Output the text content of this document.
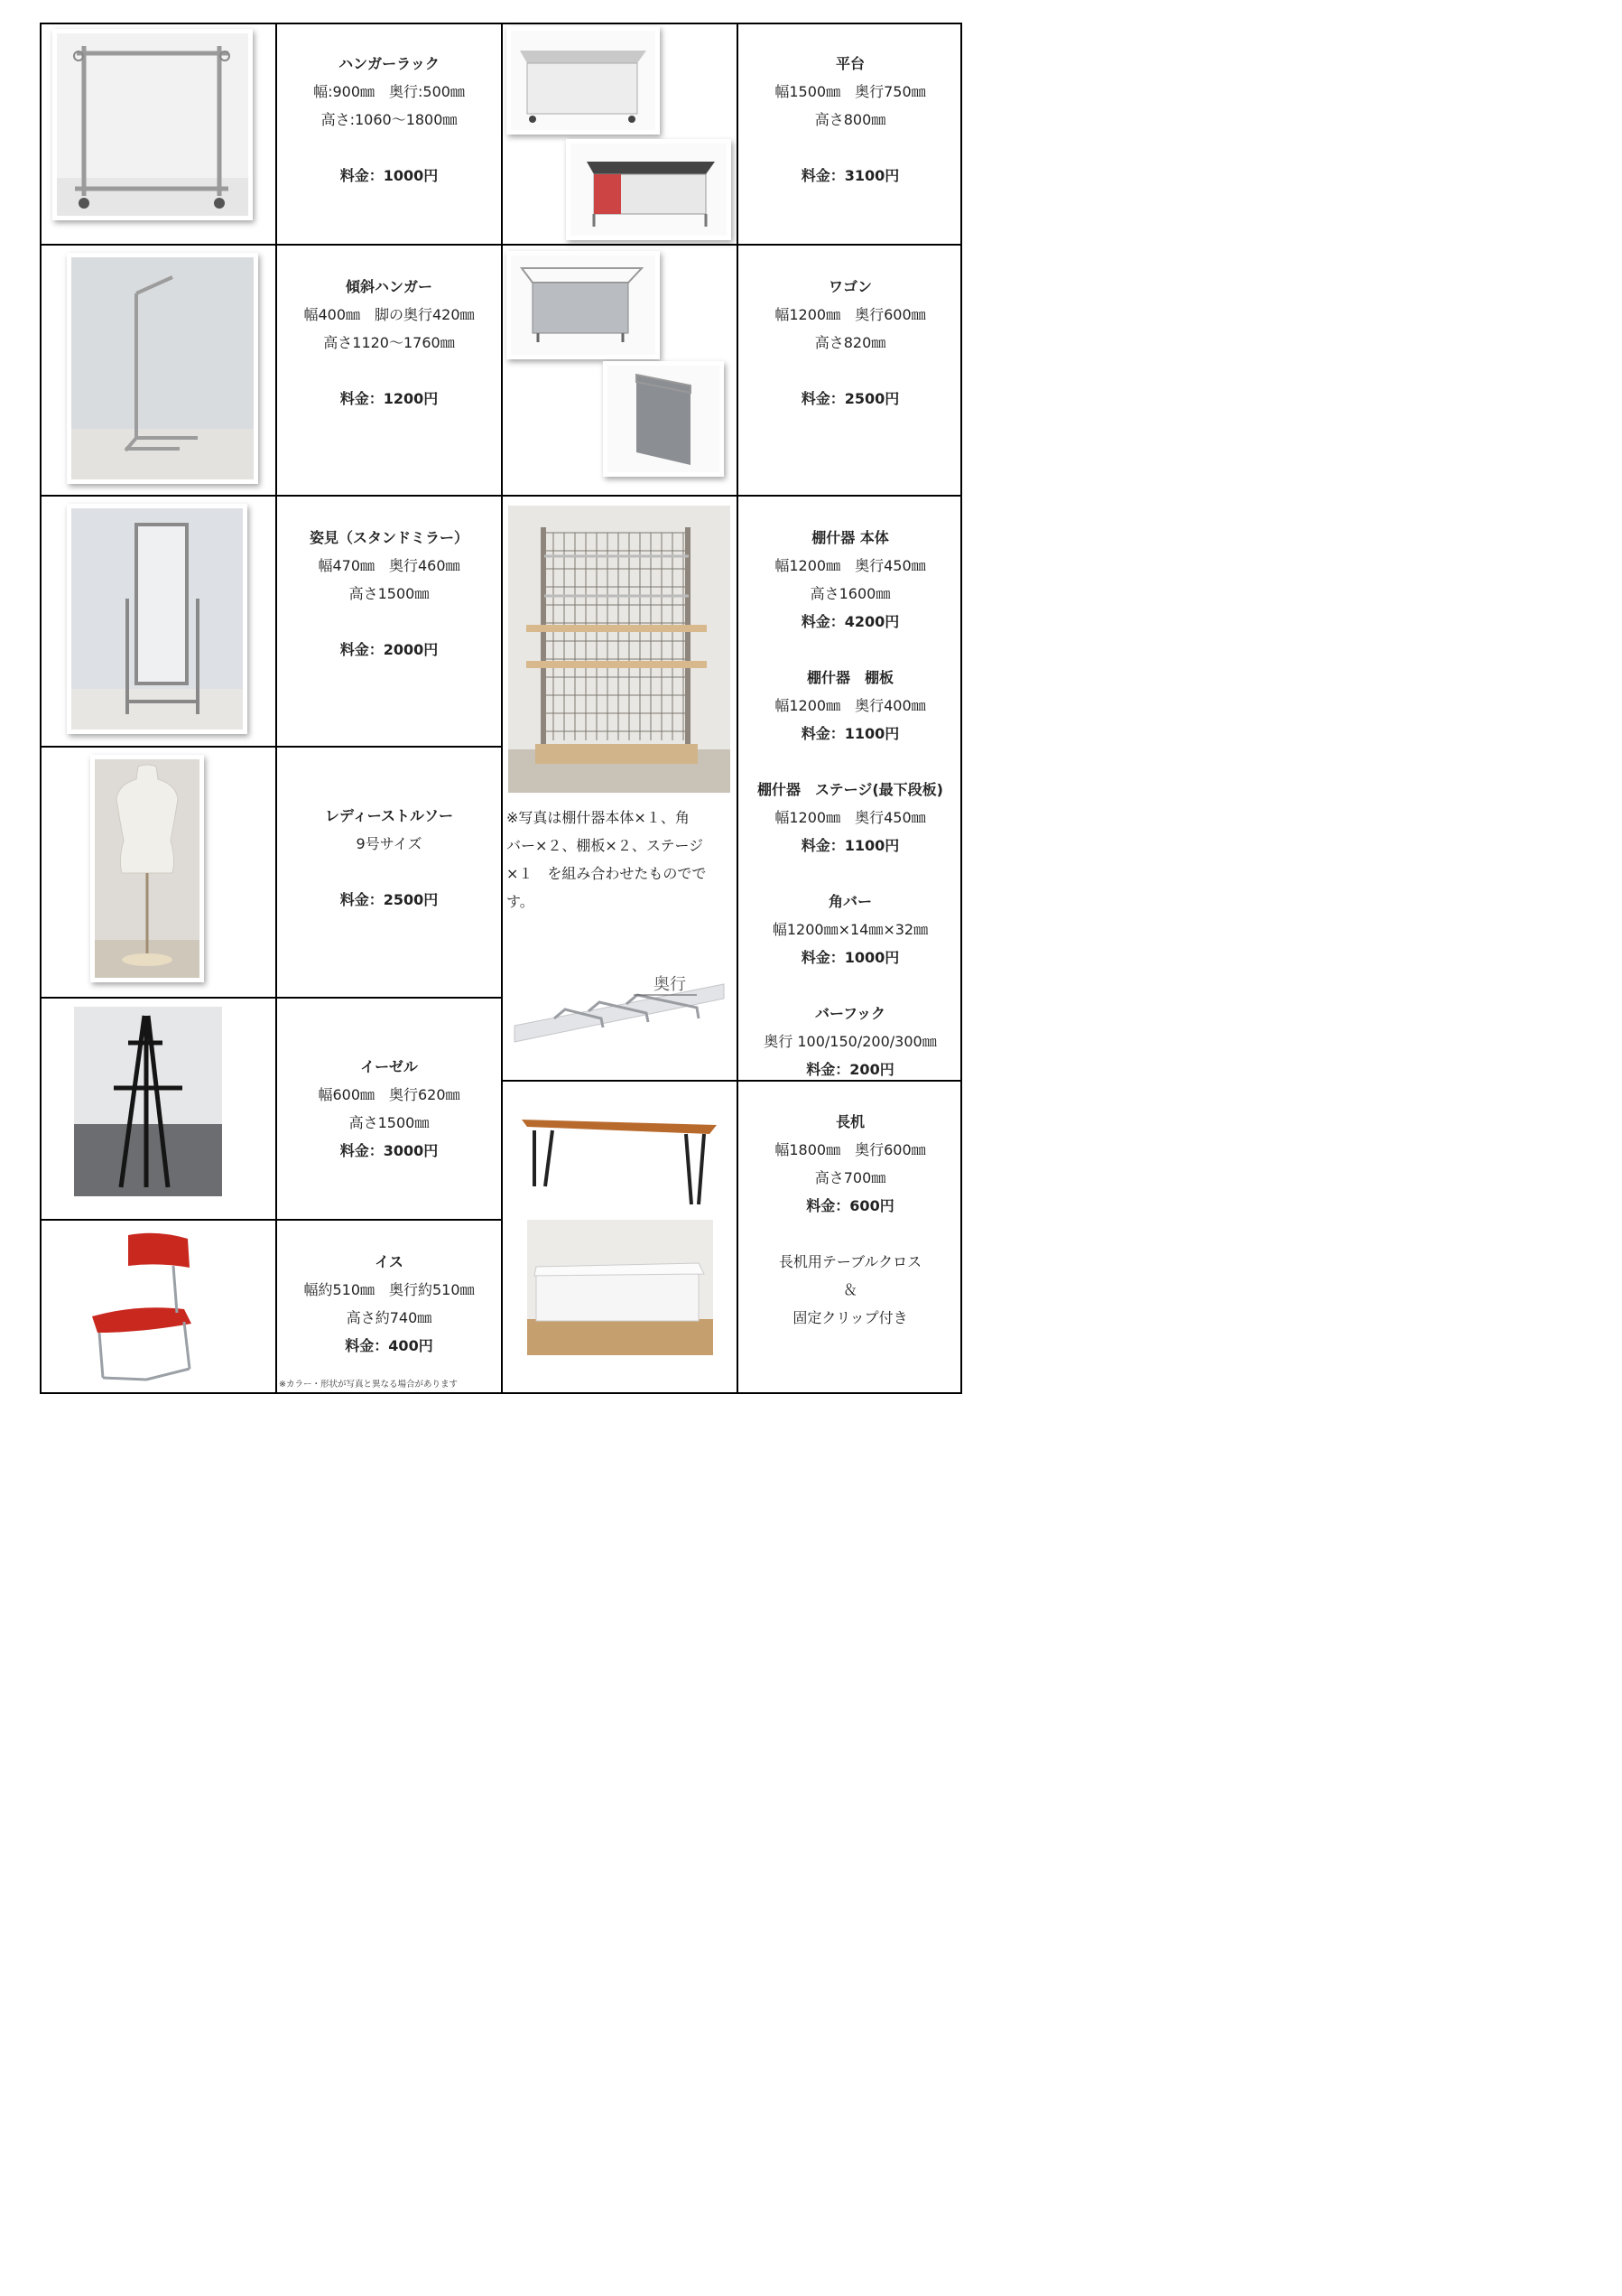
ハンガーラック
幅:900㎜　奥行:500㎜
高さ:1060～1800㎜
料金：1000円
平台
幅1500㎜　奥行750㎜
高さ800㎜
料金：3100円
傾斜ハンガー
幅400㎜　脚の奥行420㎜
高さ1120～1760㎜
料金：1200円
ワゴン
幅1200㎜　奥行600㎜
高さ820㎜
料金：2500円
姿見（スタンドミラー）
幅470㎜　奥行460㎜
高さ1500㎜
料金：2000円
※写真は棚什器本体×１、角
バー×２、棚板×２、ステージ
×１　を組み合わせたものでで
す。
奥行
棚什器 本体
幅1200㎜　奥行450㎜
高さ1600㎜
料金：4200円
棚什器　棚板
幅1200㎜　奥行400㎜
料金：1100円
棚什器　ステージ(最下段板)
幅1200㎜　奥行450㎜
料金：1100円
角バー
幅1200㎜×14㎜×32㎜
料金：1000円
バーフック
奥行 100/150/200/300㎜
料金：200円
レディーストルソー
9号サイズ
料金：2500円
イーゼル
幅600㎜　奥行620㎜
高さ1500㎜
料金：3000円
長机
幅1800㎜　奥行600㎜
高さ700㎜
料金：600円
長机用テーブルクロス
＆
固定クリップ付き
イス
幅約510㎜　奥行約510㎜
高さ約740㎜
料金：400円
※カラー・形状が写真と異なる場合があります
